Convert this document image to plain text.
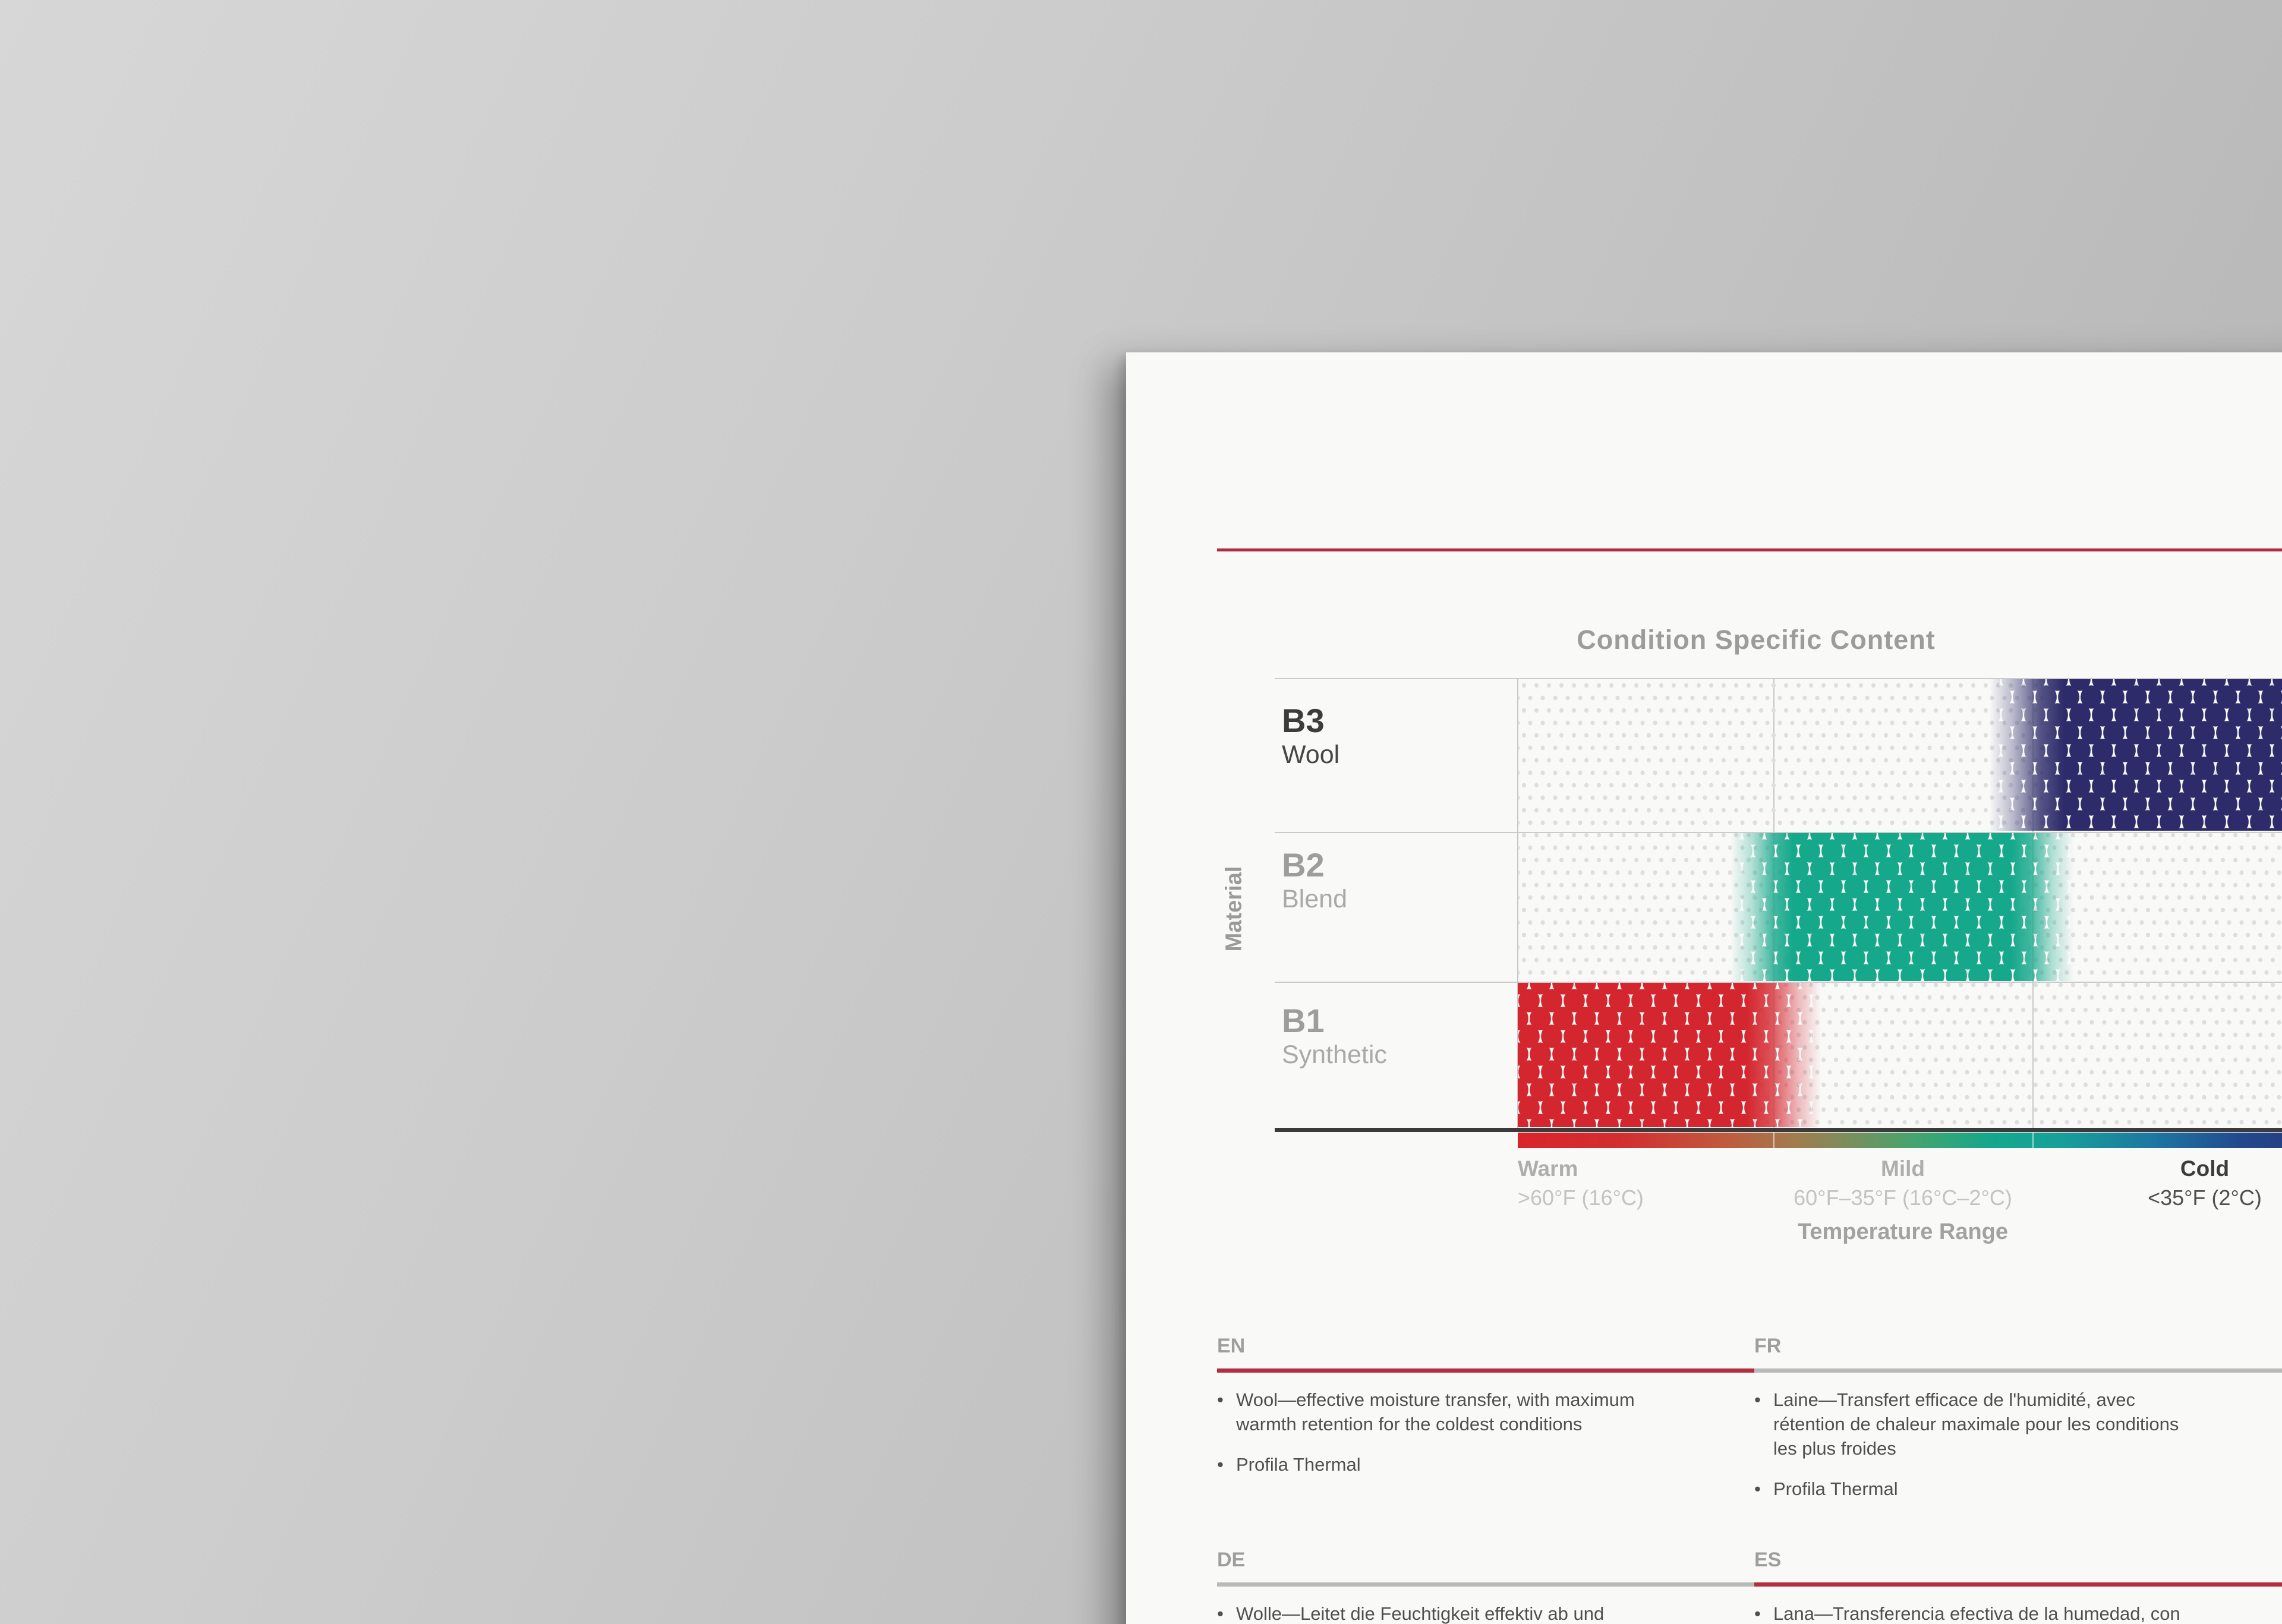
Condition Specific Content
B3
Wool
B2
Blend
B1
Synthetic
Material
Warm
>60°F (16°C)
Mild
60°F–35°F (16°C–2°C)
Cold
<35°F (2°C)
Temperature Range
EN
• Wool—effective moisture transfer, with maximum warmth retention for the coldest conditions
• Profila Thermal
FR
• Laine—Transfert efficace de l'humidité, avec rétention de chaleur maximale pour les conditions les plus froides
• Profila Thermal
DE
• Wolle—Leitet die Feuchtigkeit effektiv ab und
ES
• Lana—Transferencia efectiva de la humedad, con
